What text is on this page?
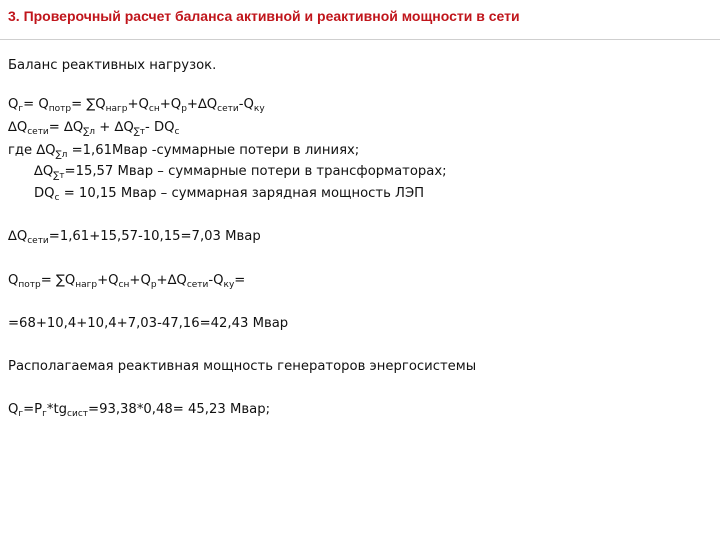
3. Проверочный расчет баланса активной и реактивной мощности в сети
Баланс реактивных нагрузок.
$Q_г= Q_{потр}= \sum Q_{нагр}+Q_{сн}+Q_р+\Delta Q_{сети}-Q_{ку}$
$\Delta Q_{сети}= \Delta Q_{\sum л} + \Delta Q_{\sum т}-$ $DQ_с$
где $\Delta Q_{\sum л}$ =1,61Мвар -суммарные потери в линиях;
$\Delta Q_{\sum т}=15,57$ Мвар – суммарные потери в трансформаторах;
$DQ_с = 10,15$ Мвар – суммарная зарядная мощность ЛЭП
$\Delta Q_{сети}=1,61+15,57-10,15=7,03$ Мвар
$Q_{потр}= \sum Q_{нагр}+Q_{сн}+Q_р+\Delta Q_{сети}-Q_{ку}=$
=68+10,4+10,4+7,03-47,16=42,43 Мвар
Располагаемая реактивная мощность генераторов энергосистемы
$Q_г=P_г*tg_{сист}=93,38*0,48= 45,23$ Мвар;
